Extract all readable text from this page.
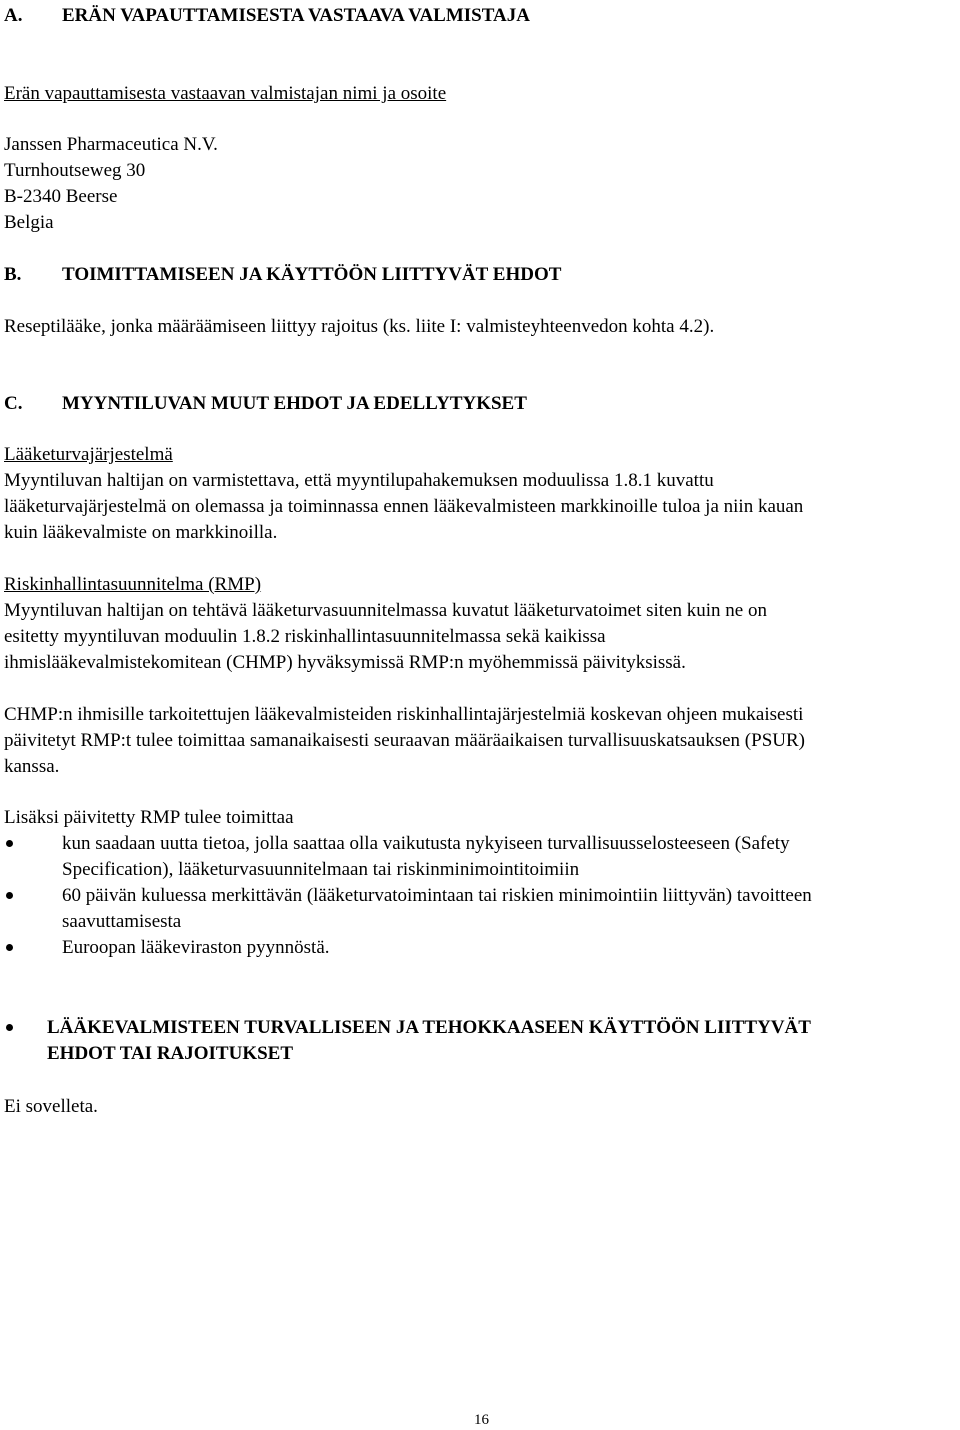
A. ERÄN VAPAUTTAMISESTA VASTAAVA VALMISTAJA
Erän vapauttamisesta vastaavan valmistajan nimi ja osoite
Janssen Pharmaceutica N.V.
Turnhoutseweg 30
B-2340 Beerse
Belgia
B. TOIMITTAMISEEN JA KÄYTTÖÖN LIITTYVÄT EHDOT
Reseptilääke, jonka määräämiseen liittyy rajoitus (ks. liite I: valmisteyhteenvedon kohta 4.2).
C. MYYNTILUVAN MUUT EHDOT JA EDELLYTYKSET
Lääketurvajärjestelmä
Myyntiluvan haltijan on varmistettava, että myyntilupahakemuksen moduulissa 1.8.1 kuvattu
lääketurvajärjestelmä on olemassa ja toiminnassa ennen lääkevalmisteen markkinoille tuloa ja niin kauan
kuin lääkevalmiste on markkinoilla.
Riskinhallintasuunnitelma (RMP)
Myyntiluvan haltijan on tehtävä lääketurvasuunnitelmassa kuvatut lääketurvatoimet siten kuin ne on
esitetty myyntiluvan moduulin 1.8.2 riskinhallintasuunnitelmassa sekä kaikissa
ihmislääkevalmistekomitean (CHMP) hyväksymissä RMP:n myöhemmissä päivityksissä.
CHMP:n ihmisille tarkoitettujen lääkevalmisteiden riskinhallintajärjestelmiä koskevan ohjeen mukaisesti
päivitetyt RMP:t tulee toimittaa samanaikaisesti seuraavan määräaikaisen turvallisuuskatsauksen (PSUR)
kanssa.
Lisäksi päivitetty RMP tulee toimittaa
kun saadaan uutta tietoa, jolla saattaa olla vaikutusta nykyiseen turvallisuusselosteeseen (Safety
Specification), lääketurvasuunnitelmaan tai riskinminimointitoimiin
60 päivän kuluessa merkittävän (lääketurvatoimintaan tai riskien minimointiin liittyvän) tavoitteen
saavuttamisesta
Euroopan lääkeviraston pyynnöstä.
LÄÄKEVALMISTEEN TURVALLISEEN JA TEHOKKAASEEN KÄYTTÖÖN LIITTYVÄT
EHDOT TAI RAJOITUKSET
Ei sovelleta.
16
